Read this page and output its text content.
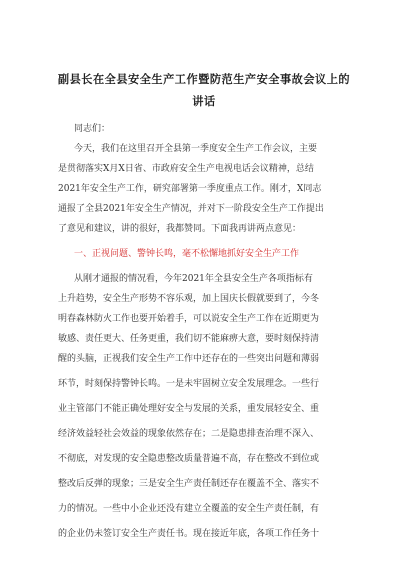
副县长在全县安全生产工作暨防范生产安全事故会议上的
讲话
同志们：
今天，我们在这里召开全县第一季度安全生产工作会议，主要
是贯彻落实X月X日省、市政府安全生产电视电话会议精神，总结
2021年安全生产工作，研究部署第一季度重点工作。刚才，X同志
通报了全县2021年安全生产情况，并对下一阶段安全生产工作提出
了意见和建议，讲的很好，我都赞同。下面我再讲两点意见：
一、正视问题、警钟长鸣，毫不松懈地抓好安全生产工作
从刚才通报的情况看，今年2021年全县安全生产各项指标有
上升趋势，安全生产形势不容乐观，加上国庆长假就要到了，今冬
明春森林防火工作也要开始着手，可以说安全生产工作在近期更为
敏感、责任更大、任务更重，我们切不能麻痹大意，要时刻保持清
醒的头脑，正视我们安全生产工作中还存在的一些突出问题和薄弱
环节，时刻保持警钟长鸣。一是未牢固树立安全发展理念。一些行
业主管部门不能正确处理好安全与发展的关系，重发展轻安全、重
经济效益轻社会效益的现象依然存在；二是隐患排查治理不深入、
不彻底，对发现的安全隐患整改质量普遍不高，存在整改不到位或
整改后反弹的现象；三是安全生产责任制还存在覆盖不全、落实不
力的情况。一些中小企业还没有建立全覆盖的安全生产责任制，有
的企业仍未签订安全生产责任书。现在接近年底，各项工作任务十
